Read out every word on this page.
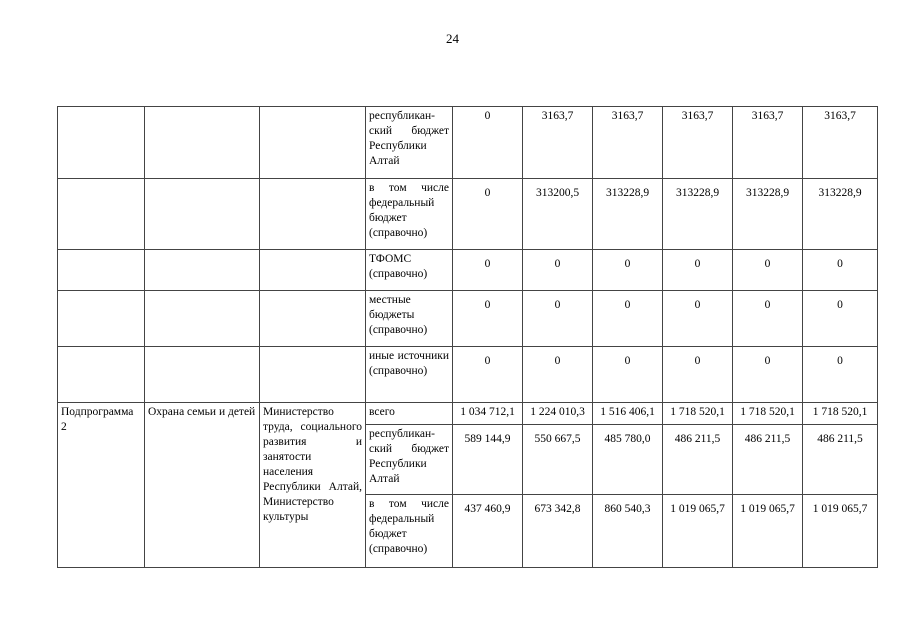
24
			республикан-ский бюджет Республики Алтай	0	3163,7	3163,7	3163,7	3163,7	3163,7
			в том числе федеральный бюджет (справочно)	0	313200,5	313228,9	313228,9	313228,9	313228,9
			ТФОМС (справочно)	0	0	0	0	0	0
			местные бюджеты (справочно)	0	0	0	0	0	0
			иные источники (справочно)	0	0	0	0	0	0
Подпрограмма 2	Охрана семьи и детей	Министерство труда, социального развития и занятости населения Республики Алтай, Министерство культуры	всего	1 034 712,1	1 224 010,3	1 516 406,1	1 718 520,1	1 718 520,1	1 718 520,1
			республикан-ский бюджет Республики Алтай	589 144,9	550 667,5	485 780,0	486 211,5	486 211,5	486 211,5
			в том числе федеральный бюджет (справочно)	437 460,9	673 342,8	860 540,3	1 019 065,7	1 019 065,7	1 019 065,7
